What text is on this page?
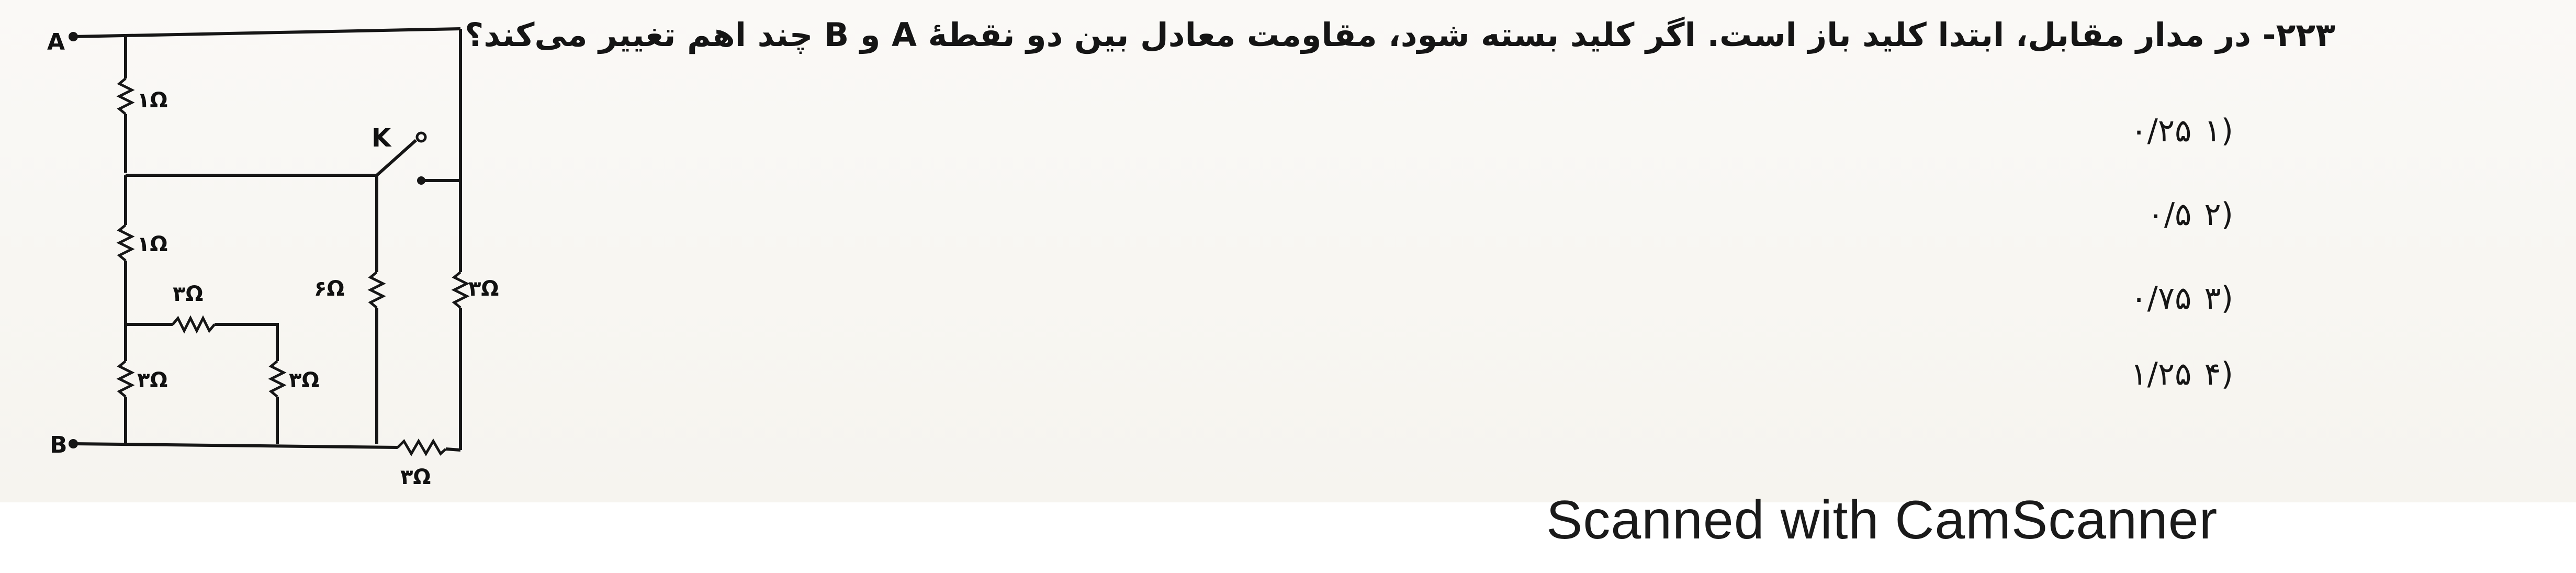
۲۲۳- در مدار مقابل، ابتدا کلید باز است. اگر کلید بسته شود، مقاومت معادل بین دو نقطهٔ A و B چند اهم تغییر می‌کند؟
(۱۰/۲۵
(۲۰/۵
(۳۰/۷۵
(۴۱/۲۵
A
۱Ω
K
۱Ω
۳Ω
۳Ω	۳Ω
۶Ω	۳Ω
B
۳Ω
Scanned with CamScanner
